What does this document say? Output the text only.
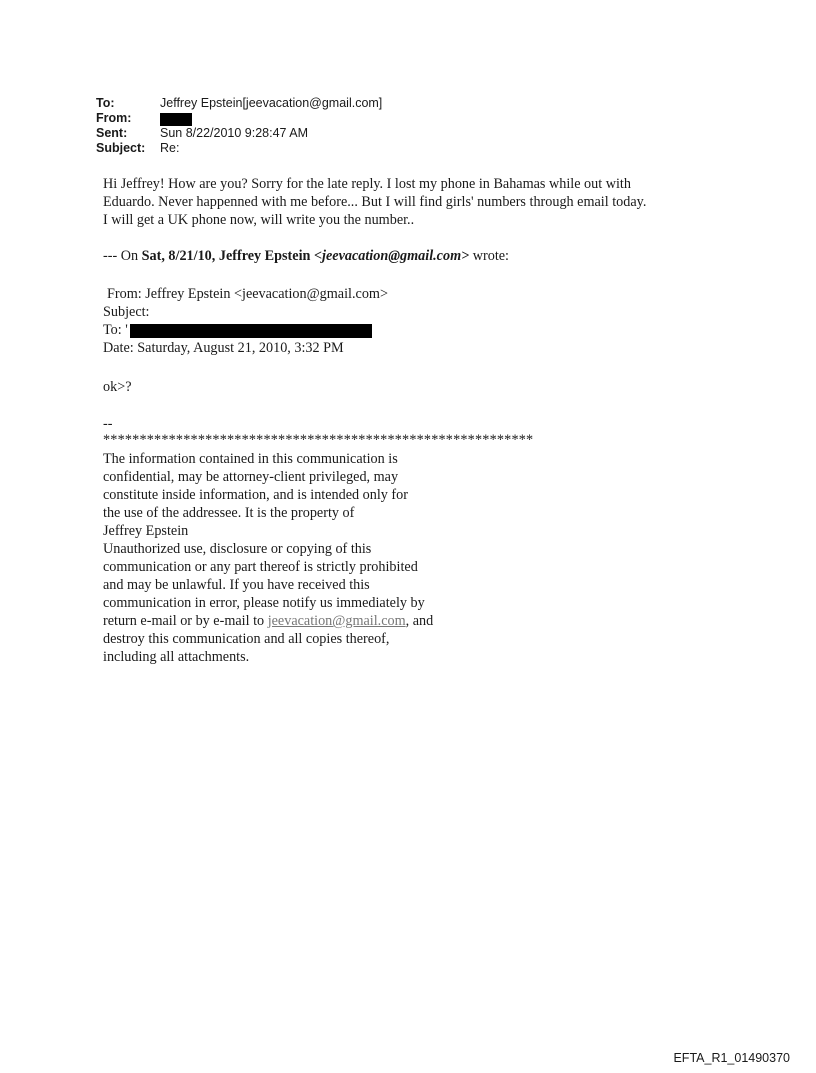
To:	Jeffrey Epstein[jeevacation@gmail.com]
From:
Sent:	Sun 8/22/2010 9:28:47 AM
Subject:	Re:
Hi Jeffrey! How are you? Sorry for the late reply. I lost my phone in Bahamas while out with
Eduardo. Never happenned with me before... But I will find girls' numbers through email today.
I will get a UK phone now, will write you the number..
--- On Sat, 8/21/10, Jeffrey Epstein <jeevacation@gmail.com> wrote:
From: Jeffrey Epstein <jeevacation@gmail.com>
Subject:
To: '
Date: Saturday, August 21, 2010, 3:32 PM
ok>?
--
***********************************************************
The information contained in this communication is
confidential, may be attorney-client privileged, may
constitute inside information, and is intended only for
the use of the addressee. It is the property of
Jeffrey Epstein
Unauthorized use, disclosure or copying of this
communication or any part thereof is strictly prohibited
and may be unlawful. If you have received this
communication in error, please notify us immediately by
return e-mail or by e-mail to jeevacation@gmail.com, and
destroy this communication and all copies thereof,
including all attachments.
EFTA_R1_01490370
